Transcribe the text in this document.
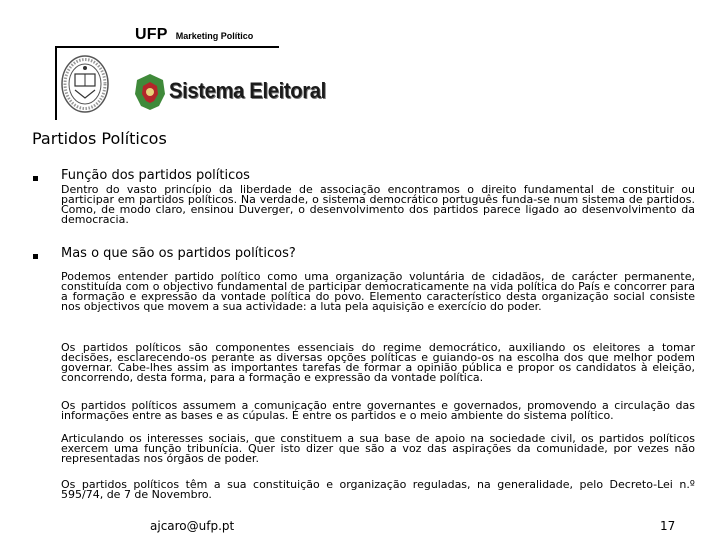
UFP Marketing Político
Sistema Eleitoral
Partidos Políticos
Função dos partidos políticos
Dentro do vasto princípio da liberdade de associação encontramos o direito fundamental de constituir ou participar em partidos políticos. Na verdade, o sistema democrático português funda-se num sistema de partidos. Como, de modo claro, ensinou Duverger, o desenvolvimento dos partidos parece ligado ao desenvolvimento da democracia.
Mas o que são os partidos políticos?
Podemos entender partido político como uma organização voluntária de cidadãos, de carácter permanente, constituída com o objectivo fundamental de participar democraticamente na vida política do País e concorrer para a formação e expressão da vontade política do povo. Elemento característico desta organização social consiste nos objectivos que movem a sua actividade: a luta pela aquisição e exercício do poder.
Os partidos políticos são componentes essenciais do regime democrático, auxiliando os eleitores a tomar decisões, esclarecendo-os perante as diversas opções políticas e guiando-os na escolha dos que melhor podem governar. Cabe-lhes assim as importantes tarefas de formar a opinião pública e propor os candidatos à eleição, concorrendo, desta forma, para a formação e expressão da vontade política.
Os partidos políticos assumem a comunicação entre governantes e governados, promovendo a circulação das informações entre as bases e as cúpulas. É entre os partidos e o meio ambiente do sistema político.
Articulando os interesses sociais, que constituem a sua base de apoio na sociedade civil, os partidos políticos exercem uma função tribunícia. Quer isto dizer que são a voz das aspirações da comunidade, por vezes não representadas nos órgãos de poder.
Os partidos políticos têm a sua constituição e organização reguladas, na generalidade, pelo Decreto-Lei n.º 595/74, de 7 de Novembro.
ajcaro@ufp.pt	17
